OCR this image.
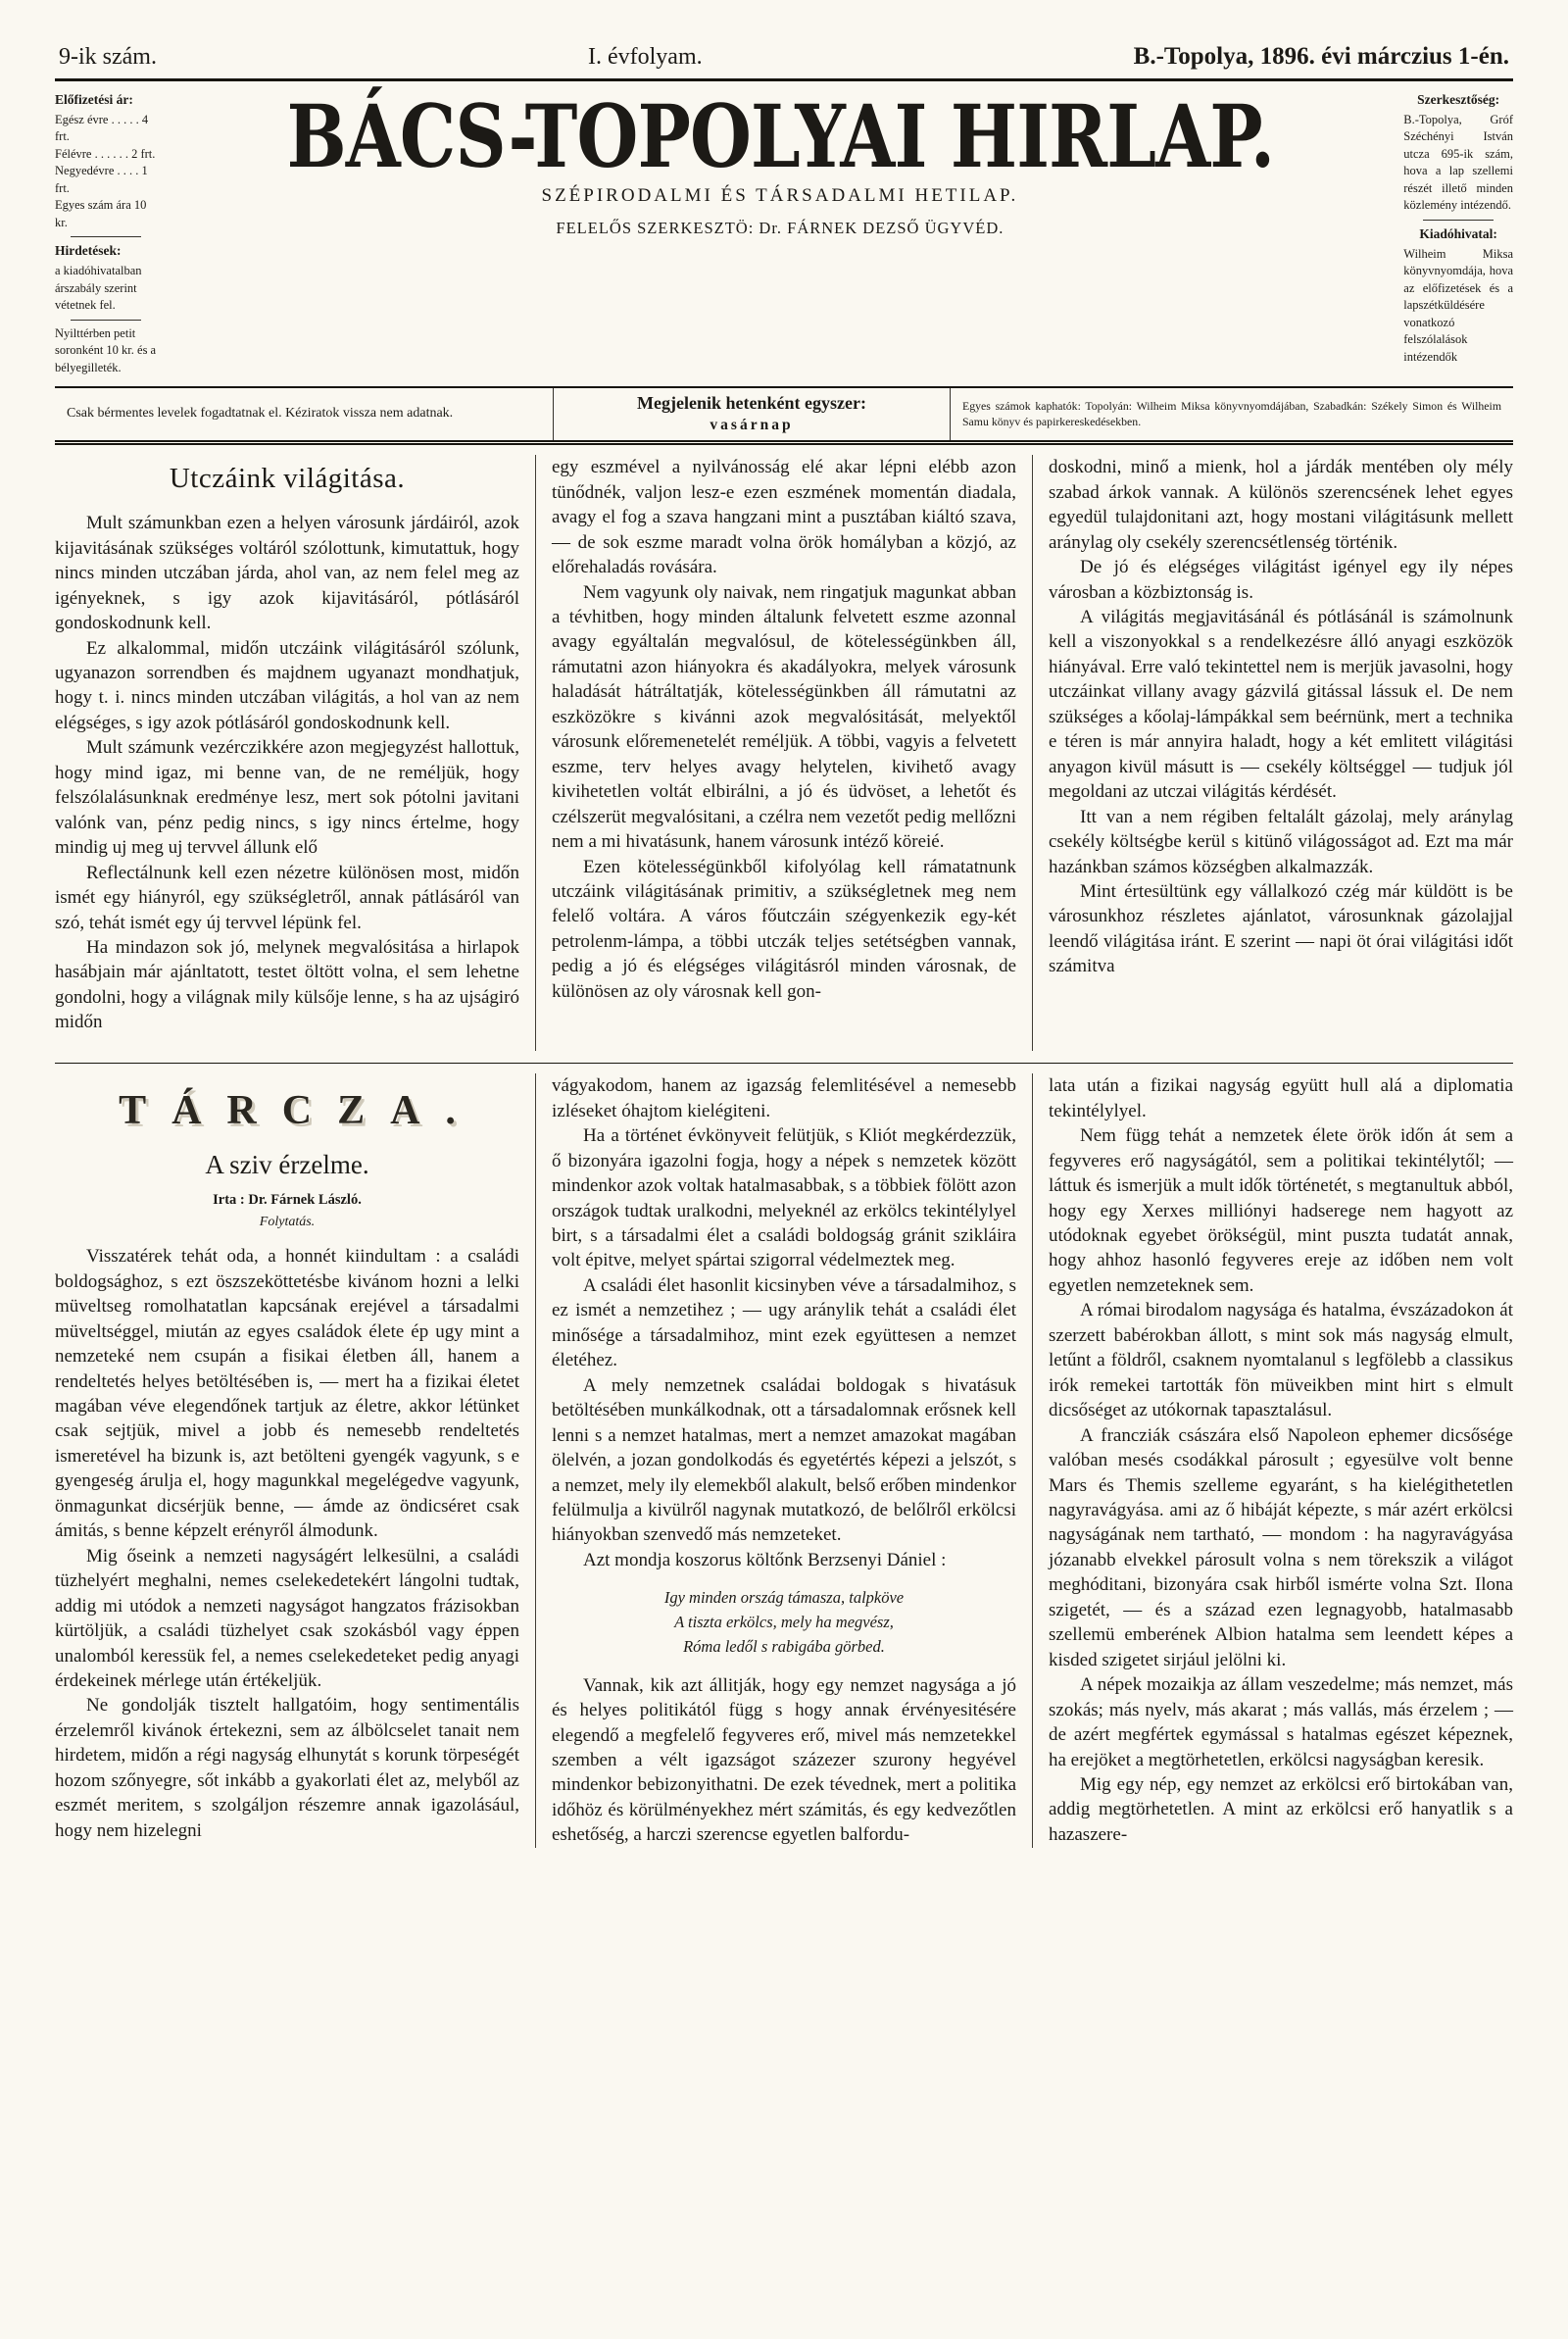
9-ik szám.	I. évfolyam.	B.-Topolya, 1896. évi márczius 1-én.
Előfizetési ár:

Egész évre . . . . . 4 frt.

Félévre . . . . . . 2 frt.

Negyedévre . . . . 1 frt.

Egyes szám ára 10 kr.

Hirdetések:

a kiadóhivatalban árszabály szerint vétetnek fel.

Nyilttérben petit soronként 10 kr. és a bélyegilleték.

BÁCS-TOPOLYAI HIRLAP.
SZÉPIRODALMI ÉS TÁRSADALMI HETILAP.
FELELŐS SZERKESZTÖ: Dr. FÁRNEK DEZSŐ ÜGYVÉD.
Szerkesztőség:

B.-Topolya, Gróf Széchényi István utcza 695-ik szám, hova a lap szellemi részét illető minden közlemény intézendő.

Kiadóhivatal:

Wilheim Miksa könyvnyomdája, hova az előfizetések és a lapszétküldésére vonatkozó felszólalások intézendők

Csak bérmentes levelek fogadtatnak el. Kéziratok vissza nem adatnak.
Megjelenik hetenként egyszer:
vasárnap
Egyes számok kaphatók: Topolyán: Wilheim Miksa könyvnyomdájában, Szabadkán: Székely Simon és Wilheim Samu könyv és papirkereskedésekben.
Utczáink világitása.

Mult számunkban ezen a helyen városunk járdáiról, azok kijavitásának szükséges voltáról szólottunk, kimutattuk, hogy nincs minden utczában járda, ahol van, az nem felel meg az igényeknek, s igy azok kijavitásáról, pótlásáról gondoskodnunk kell.

Ez alkalommal, midőn utczáink világitásáról szólunk, ugyanazon sorrendben és majdnem ugyanazt mondhatjuk, hogy t. i. nincs minden utczában világitás, a hol van az nem elégséges, s igy azok pótlásáról gondoskodnunk kell.

Mult számunk vezérczikkére azon megjegyzést hallottuk, hogy mind igaz, mi benne van, de ne reméljük, hogy felszólalásunknak eredménye lesz, mert sok pótolni javitani valónk van, pénz pedig nincs, s igy nincs értelme, hogy mindig uj meg uj tervvel állunk elő

Reflectálnunk kell ezen nézetre különösen most, midőn ismét egy hiányról, egy szükségletről, annak pátlásáról van szó, tehát ismét egy új tervvel lépünk fel.

Ha mindazon sok jó, melynek megvalósitása a hirlapok hasábjain már ajánltatott, testet öltött volna, el sem lehetne gondolni, hogy a világnak mily külsője lenne, s ha az ujságiró midőn

egy eszmével a nyilvánosság elé akar lépni elébb azon tünődnék, valjon lesz-e ezen eszmének momentán diadala, avagy el fog a szava hangzani mint a pusztában kiáltó szava, — de sok eszme maradt volna örök homályban a közjó, az előrehaladás rovására.

Nem vagyunk oly naivak, nem ringatjuk magunkat abban a tévhitben, hogy minden általunk felvetett eszme azonnal avagy egyáltalán megvalósul, de kötelességünkben áll, rámutatni azon hiányokra és akadályokra, melyek városunk haladását hátráltatják, kötelességünkben áll rámutatni az eszközökre s kivánni azok megvalósitását, melyektől városunk előremenetelét reméljük. A többi, vagyis a felvetett eszme, terv helyes avagy helytelen, kivihető avagy kivihetetlen voltát elbirálni, a jó és üdvöset, a lehetőt és czélszerüt megvalósitani, a czélra nem vezetőt pedig mellőzni nem a mi hivatásunk, hanem városunk intéző köreié.

Ezen kötelességünkből kifolyólag kell rámatatnunk utczáink világitásának primitiv, a szükségletnek meg nem felelő voltára. A város főutczáin szégyenkezik egy-két petrolenm-lámpa, a többi utczák teljes setétségben vannak, pedig a jó és elégséges világitásról minden városnak, de különösen az oly városnak kell gon-

doskodni, minő a mienk, hol a járdák mentében oly mély szabad árkok vannak. A különös szerencsének lehet egyes egyedül tulajdonitani azt, hogy mostani világitásunk mellett aránylag oly csekély szerencsétlenség történik.

De jó és elégséges világitást igényel egy ily népes városban a közbiztonság is.

A világitás megjavitásánál és pótlásánál is számolnunk kell a viszonyokkal s a rendelkezésre álló anyagi eszközök hiányával. Erre való tekintettel nem is merjük javasolni, hogy utczáinkat villany avagy gázvilá gitással lássuk el. De nem szükséges a kőolaj-lámpákkal sem beérnünk, mert a technika e téren is már annyira haladt, hogy a két emlitett világitási anyagon kivül másutt is — csekély költséggel — tudjuk jól megoldani az utczai világitás kérdését.

Itt van a nem régiben feltalált gázolaj, mely aránylag csekély költségbe kerül s kitünő világosságot ad. Ezt ma már hazánkban számos községben alkalmazzák.

Mint értesültünk egy vállalkozó czég már küldött is be városunkhoz részletes ajánlatot, városunknak gázolajjal leendő világitása iránt. E szerint — napi öt órai világitási időt számitva

TÁRCZA.
A sziv érzelme.
Irta : Dr. Fárnek László.
Folytatás.

Visszatérek tehát oda, a honnét kiindultam : a családi boldogsághoz, s ezt öszszeköttetésbe kivánom hozni a lelki müveltseg romolhatatlan kapcsának erejével a társadalmi müveltséggel, miután az egyes családok élete ép ugy mint a nemzeteké nem csupán a fisikai életben áll, hanem a rendeltetés helyes betöltésében is, — mert ha a fizikai életet magában véve elegendőnek tartjuk az életre, akkor létünket csak sejtjük, mivel a jobb és nemesebb rendeltetés ismeretével ha bizunk is, azt betölteni gyengék vagyunk, s e gyengeség árulja el, hogy magunkkal megelégedve vagyunk, önmagunkat dicsérjük benne, — ámde az öndicséret csak ámitás, s benne képzelt erényről álmodunk.

Mig őseink a nemzeti nagyságért lelkesülni, a családi tüzhelyért meghalni, nemes cselekedetekért lángolni tudtak, addig mi utódok a nemzeti nagyságot hangzatos frázisokban kürtöljük, a családi tüzhelyet csak szokásból vagy éppen unalomból keressük fel, a nemes cselekedeteket pedig anyagi érdekeinek mérlege után értékeljük.

Ne gondolják tisztelt hallgatóim, hogy sentimentális érzelemről kivánok értekezni, sem az álbölcselet tanait nem hirdetem, midőn a régi nagyság elhunytát s korunk törpeségét hozom szőnyegre, sőt inkább a gyakorlati élet az, melyből az eszmét meritem, s szolgáljon részemre annak igazolásául, hogy nem hizelegni

vágyakodom, hanem az igazság felemlitésével a nemesebb izléseket óhajtom kielégiteni.

Ha a történet évkönyveit felütjük, s Kliót megkérdezzük, ő bizonyára igazolni fogja, hogy a népek s nemzetek között mindenkor azok voltak hatalmasabbak, s a többiek fölött azon országok tudtak uralkodni, melyeknél az erkölcs tekintélylyel birt, s a társadalmi élet a családi boldogság gránit szikláira volt épitve, melyet spártai szigorral védelmeztek meg.

A családi élet hasonlit kicsinyben véve a társadalmihoz, s ez ismét a nemzetihez ; — ugy aránylik tehát a családi élet minősége a társadalmihoz, mint ezek együttesen a nemzet életéhez.

A mely nemzetnek családai boldogak s hivatásuk betöltésében munkálkodnak, ott a társadalomnak erősnek kell lenni s a nemzet hatalmas, mert a nemzet amazokat magában ölelvén, a jozan gondolkodás és egyetértés képezi a jelszót, s a nemzet, mely ily elemekből alakult, belső erőben mindenkor felülmulja a kivülről nagynak mutatkozó, de belőlről erkölcsi hiányokban szenvedő más nemzeteket.

Azt mondja koszorus költőnk Berzsenyi Dániel :

Igy minden ország támasza, talpköve

A tiszta erkölcs, mely ha megvész,

Róma ledől s rabigába görbed.

Vannak, kik azt állitják, hogy egy nemzet nagysága a jó és helyes politikától függ s hogy annak érvényesitésére elegendő a megfelelő fegyveres erő, mivel más nemzetekkel szemben a vélt igazságot százezer szurony hegyével mindenkor bebizonyithatni. De ezek tévednek, mert a politika időhöz és körülményekhez mért számitás, és egy kedvezőtlen eshetőség, a harczi szerencse egyetlen balfordu-

lata után a fizikai nagyság együtt hull alá a diplomatia tekintélylyel.

Nem függ tehát a nemzetek élete örök időn át sem a fegyveres erő nagyságától, sem a politikai tekintélytől; — láttuk és ismerjük a mult idők történetét, s megtanultuk abból, hogy egy Xerxes milliónyi hadserege nem hagyott az utódoknak egyebet örökségül, mint puszta tudatát annak, hogy ahhoz hasonló fegyveres ereje az időben nem volt egyetlen nemzeteknek sem.

A római birodalom nagysága és hatalma, évszázadokon át szerzett babérokban állott, s mint sok más nagyság elmult, letűnt a földről, csaknem nyomtalanul s legfölebb a classikus irók remekei tartották fön müveikben mint hirt s elmult dicsőséget az utókornak tapasztalásul.

A francziák császára első Napoleon ephemer dicsősége valóban mesés csodákkal párosult ; egyesülve volt benne Mars és Themis szelleme egyaránt, s ha kielégithetetlen nagyravágyása. ami az ő hibáját képezte, s már azért erkölcsi nagyságának nem tartható, — mondom : ha nagyravágyása józanabb elvekkel párosult volna s nem törekszik a világot meghóditani, bizonyára csak hirből ismérte volna Szt. Ilona szigetét, — és a század ezen legnagyobb, hatalmasabb szellemü emberének Albion hatalma sem leendett képes a kisded szigetet sirjául jelölni ki.

A népek mozaikja az állam veszedelme; más nemzet, más szokás; más nyelv, más akarat ; más vallás, más érzelem ; — de azért megfértek egymással s hatalmas egészet képeznek, ha erejöket a megtörhetetlen, erkölcsi nagyságban keresik.

Mig egy nép, egy nemzet az erkölcsi erő birtokában van, addig megtörhetetlen. A mint az erkölcsi erő hanyatlik s a hazaszere-
